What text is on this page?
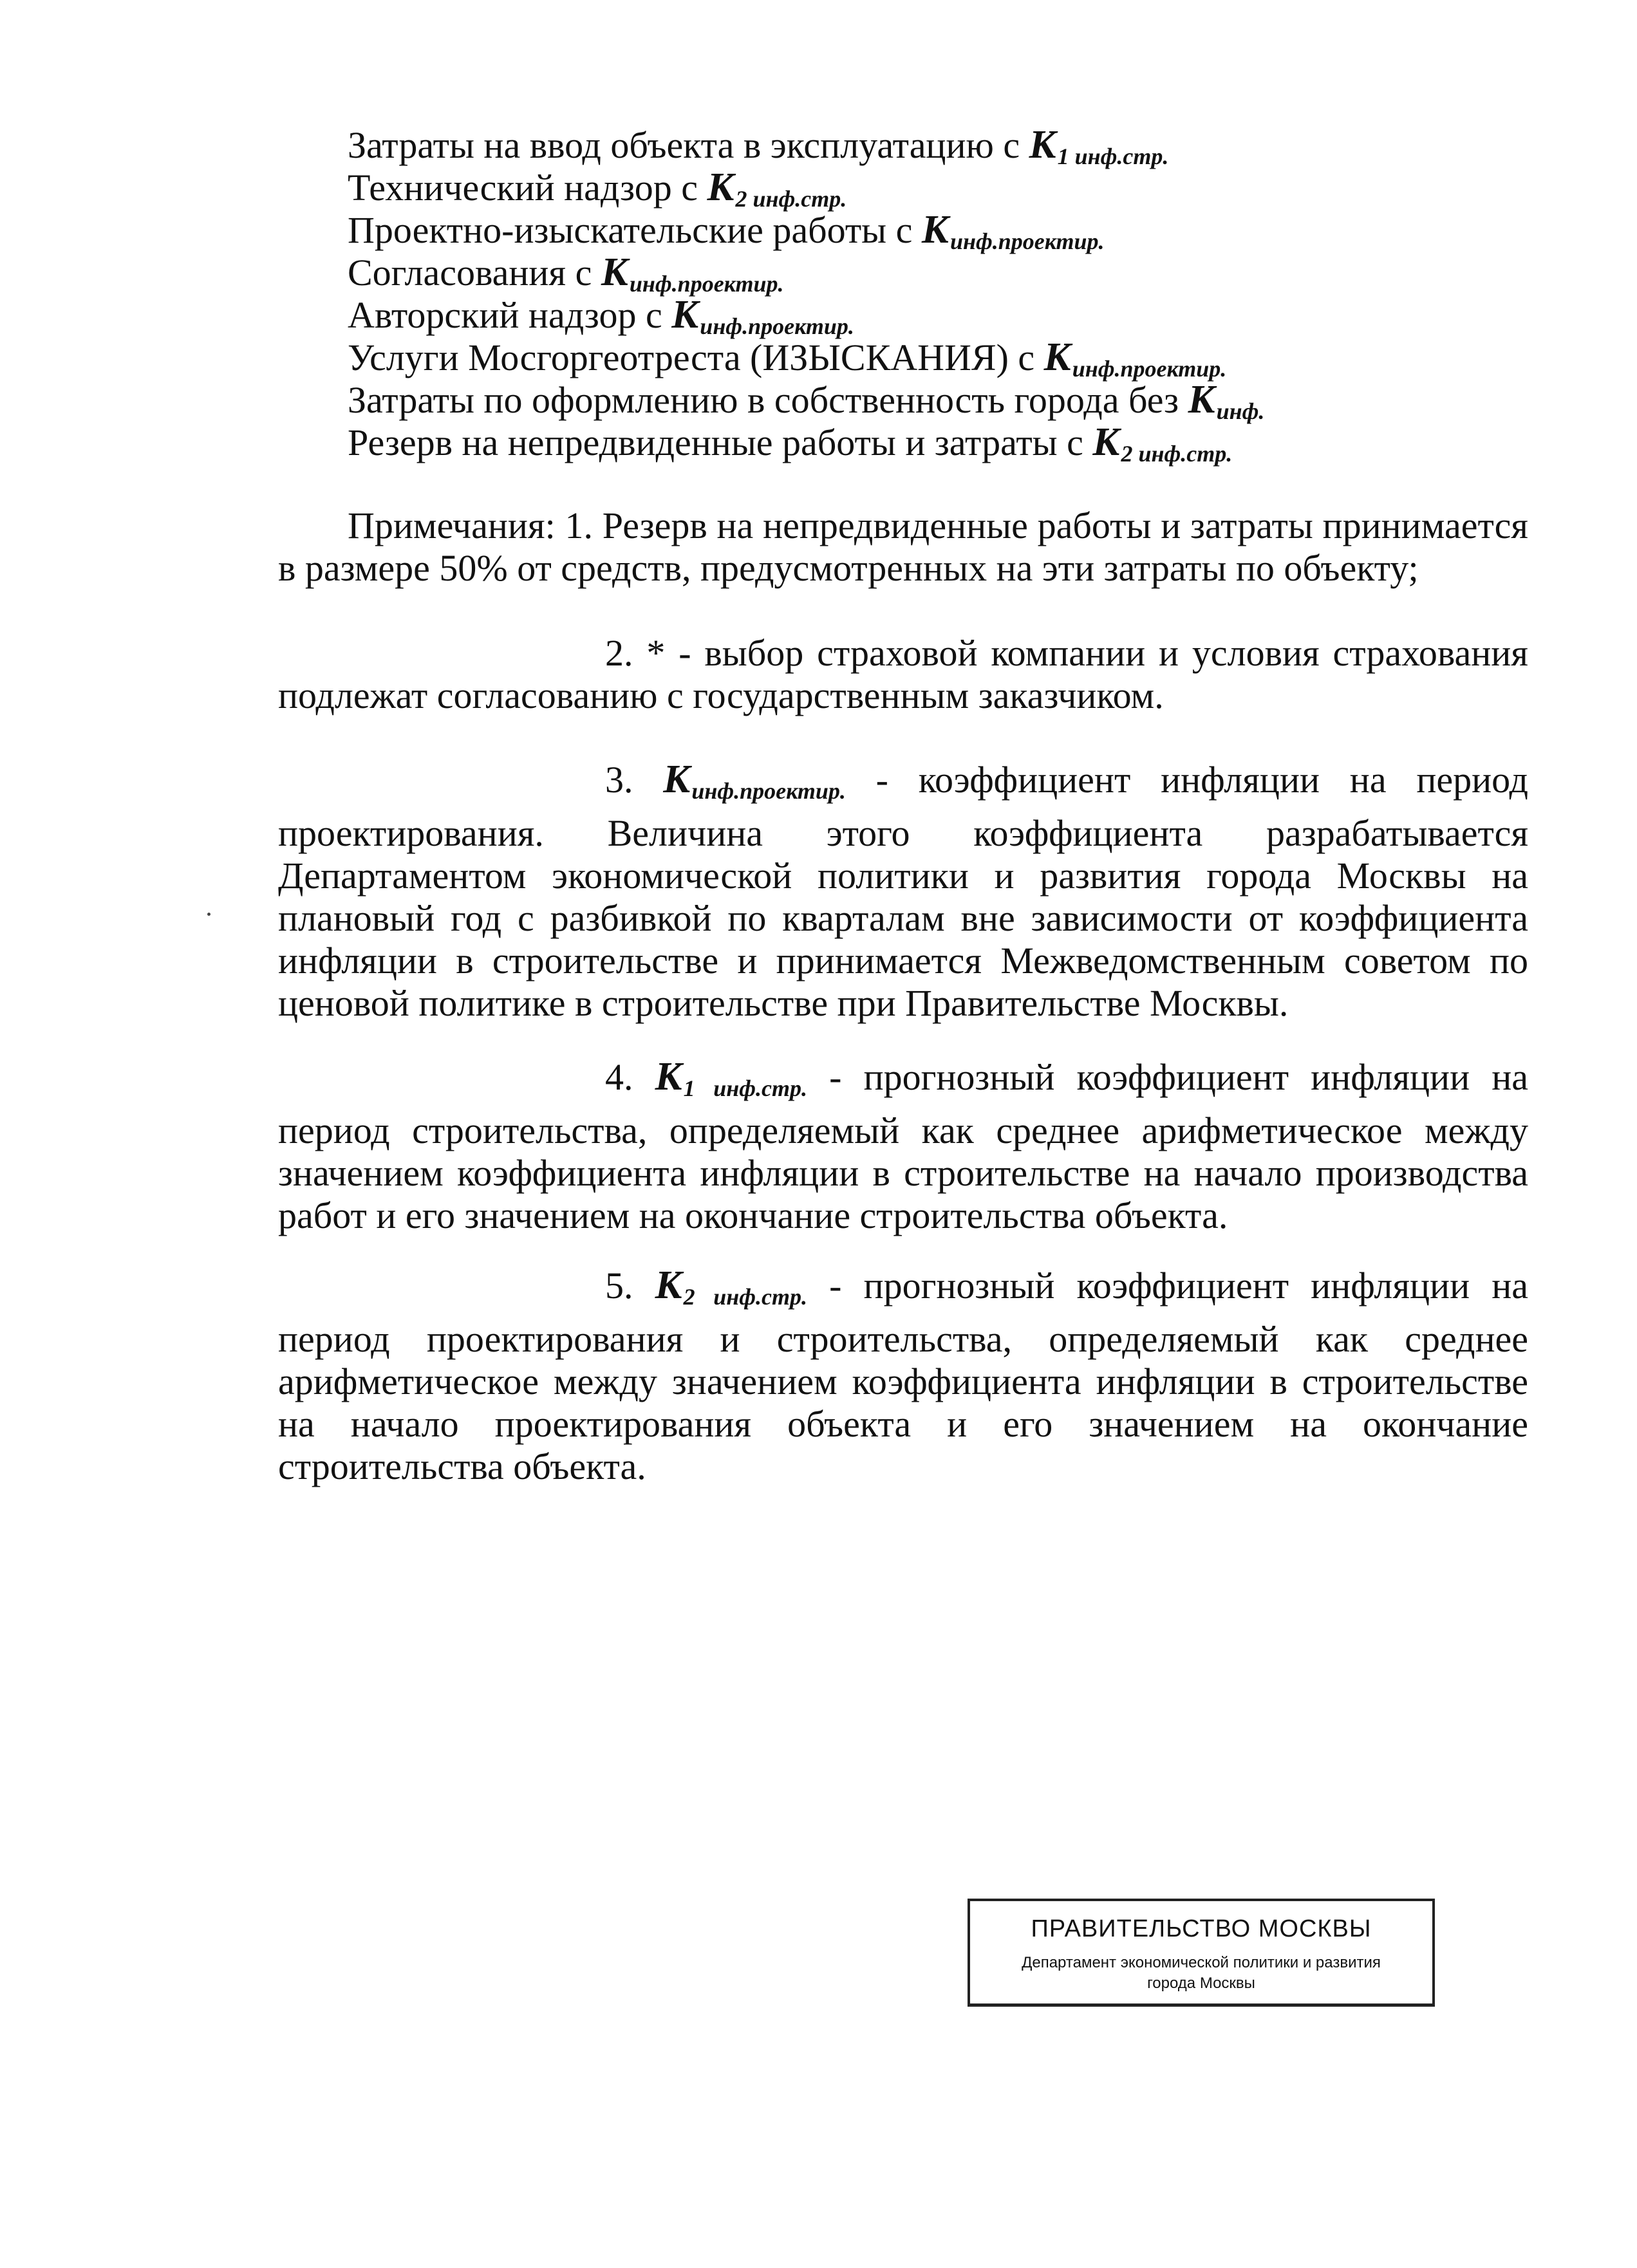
Затраты на ввод объекта в эксплуатацию с К1 инф.стр.
Технический надзор с К2 инф.стр.
Проектно-изыскательские работы с Кинф.проектир.
Согласования с Кинф.проектир.
Авторский надзор с Кинф.проектир.
Услуги Мосгоргеотреста (ИЗЫСКАНИЯ) с Кинф.проектир.
Затраты по оформлению в собственность города без Кинф.
Резерв на непредвиденные работы и затраты с К2 инф.стр.

Примечания: 1. Резерв на непредвиденные работы и затраты принимается в размере 50% от средств, предусмотренных на эти затраты по объекту;

2. * - выбор страховой компании и условия страхования подлежат согласованию с государственным заказчиком.

3. Кинф.проектир. - коэффициент инфляции на период проектирования. Величина этого коэффициента разрабатывается Департаментом экономической политики и развития города Москвы на плановый год с разбивкой по кварталам вне зависимости от коэффициента инфляции в строительстве и принимается Межведомственным советом по ценовой политике в строительстве при Правительстве Москвы.

4. К1 инф.стр. - прогнозный коэффициент инфляции на период строительства, определяемый как среднее арифметическое между значением коэффициента инфляции в строительстве на начало производства работ и его значением на окончание строительства объекта.

5. К2 инф.стр. - прогнозный коэффициент инфляции на период проектирования и строительства, определяемый как среднее арифметическое между значением коэффициента инфляции в строительстве на начало проектирования объекта и его значением на окончание строительства объекта.

ПРАВИТЕЛЬСТВО МОСКВЫ
Департамент экономической политики и развития
города Москвы
